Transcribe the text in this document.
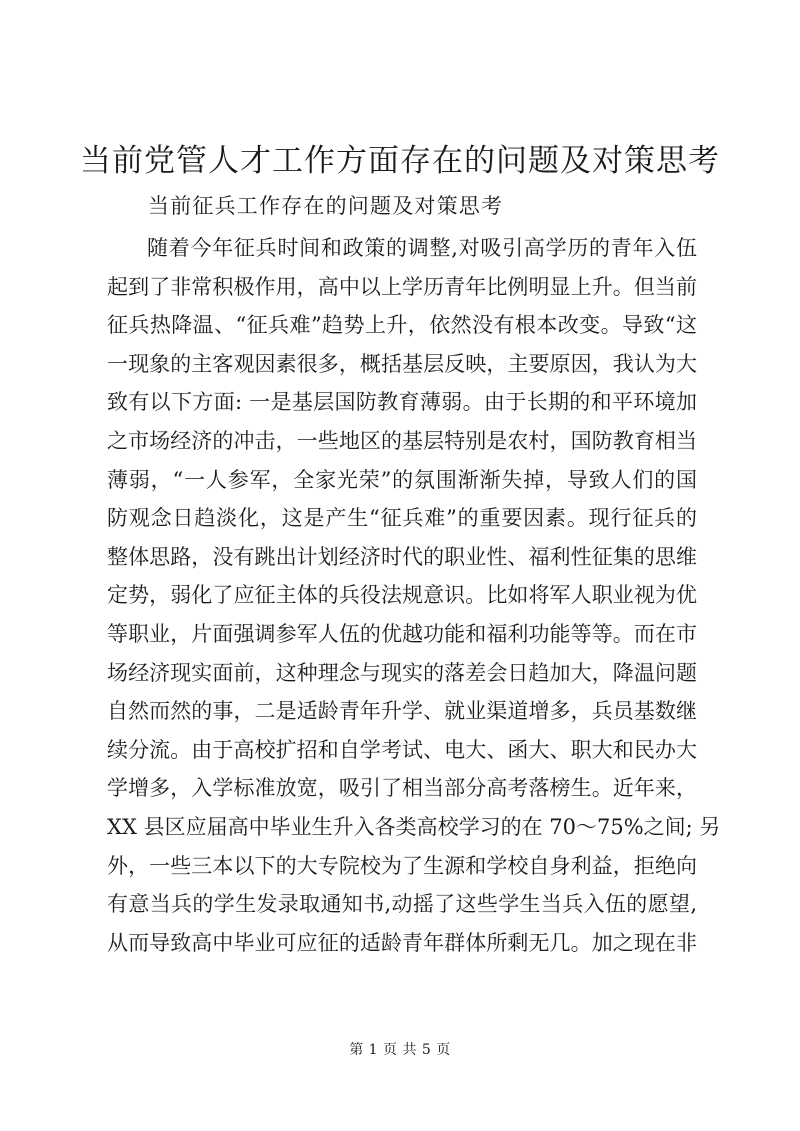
当前党管人才工作方面存在的问题及对策思考

当前征兵工作存在的问题及对策思考

随着今年征兵时间和政策的调整,对吸引高学历的青年入伍
起到了非常积极作用，高中以上学历青年比例明显上升。但当前
征兵热降温、“征兵难”趋势上升，依然没有根本改变。导致“这
一现象的主客观因素很多，概括基层反映，主要原因，我认为大
致有以下方面: 一是基层国防教育薄弱。由于长期的和平环境加
之市场经济的冲击，一些地区的基层特别是农村，国防教育相当
薄弱，“一人参军，全家光荣”的氛围渐渐失掉，导致人们的国
防观念日趋淡化，这是产生“征兵难”的重要因素。现行征兵的
整体思路，没有跳出计划经济时代的职业性、福利性征集的思维
定势，弱化了应征主体的兵役法规意识。比如将军人职业视为优
等职业，片面强调参军人伍的优越功能和福利功能等等。而在市
场经济现实面前，这种理念与现实的落差会日趋加大，降温问题
自然而然的事，二是适龄青年升学、就业渠道增多，兵员基数继
续分流。由于高校扩招和自学考试、电大、函大、职大和民办大
学增多，入学标准放宽，吸引了相当部分高考落榜生。近年来，
XX 县区应届高中毕业生升入各类高校学习的在 70～75%之间; 另
外，一些三本以下的大专院校为了生源和学校自身利益，拒绝向
有意当兵的学生发录取通知书,动摇了这些学生当兵入伍的愿望,
从而导致高中毕业可应征的适龄青年群体所剩无几。加之现在非
第 1 页 共 5 页
